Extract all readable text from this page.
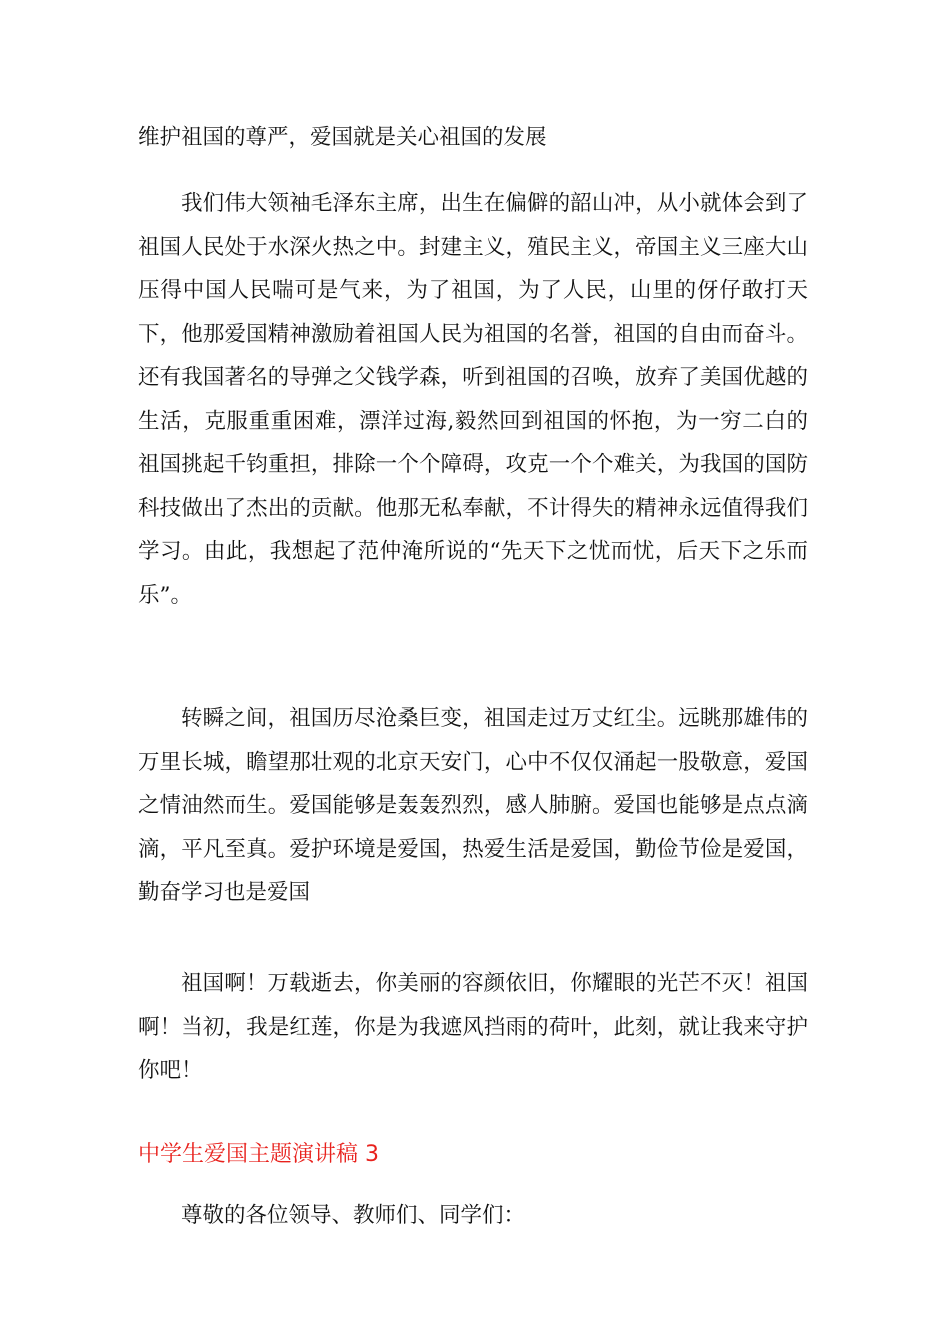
维护祖国的尊严，爱国就是关心祖国的发展

我们伟大领袖毛泽东主席，出生在偏僻的韶山冲，从小就体会到了祖国人民处于水深火热之中。封建主义，殖民主义，帝国主义三座大山压得中国人民喘可是气来，为了祖国，为了人民，山里的伢仔敢打天下，他那爱国精神激励着祖国人民为祖国的名誉，祖国的自由而奋斗。还有我国著名的导弹之父钱学森，听到祖国的召唤，放弃了美国优越的生活，克服重重困难，漂洋过海,毅然回到祖国的怀抱，为一穷二白的祖国挑起千钧重担，排除一个个障碍，攻克一个个难关，为我国的国防科技做出了杰出的贡献。他那无私奉献，不计得失的精神永远值得我们学习。由此，我想起了范仲淹所说的“先天下之忧而忧，后天下之乐而乐”。

转瞬之间，祖国历尽沧桑巨变，祖国走过万丈红尘。远眺那雄伟的万里长城，瞻望那壮观的北京天安门，心中不仅仅涌起一股敬意，爱国之情油然而生。爱国能够是轰轰烈烈，感人肺腑。爱国也能够是点点滴滴，平凡至真。爱护环境是爱国，热爱生活是爱国，勤俭节俭是爱国，勤奋学习也是爱国

祖国啊！万载逝去，你美丽的容颜依旧，你耀眼的光芒不灭！祖国啊！当初，我是红莲，你是为我遮风挡雨的荷叶，此刻，就让我来守护你吧！

中学生爱国主题演讲稿 3

尊敬的各位领导、教师们、同学们：
